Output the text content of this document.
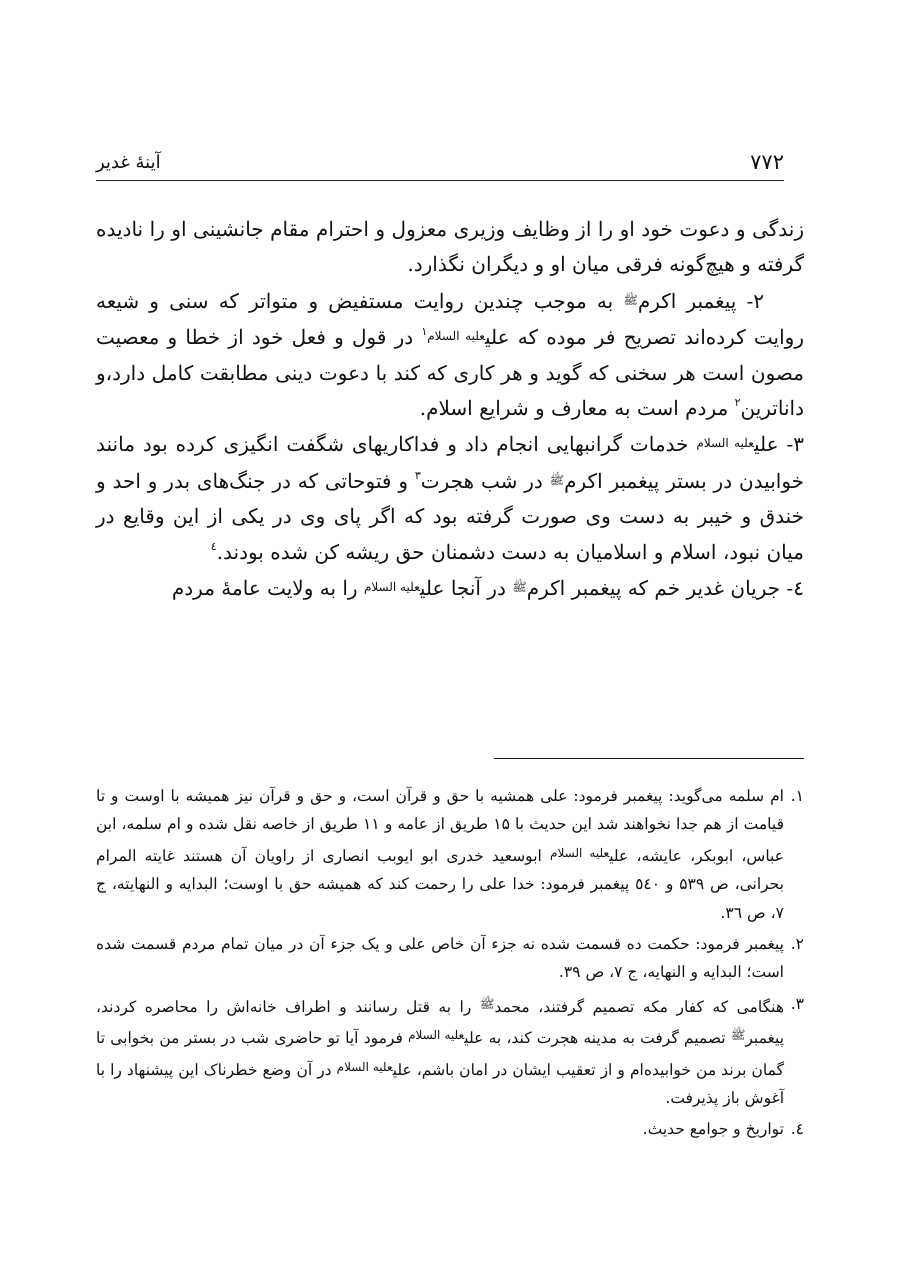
۷۷۲
آینهٔ غدیر

زندگی و دعوت خود او را از وظایف وزیری معزول و احترام مقام جانشینی او را نادیده گرفته و هیچ‌گونه فرقی میان او و دیگران نگذارد.

۲- پیغمبر اکرم$^ﷺ$ به موجب چندین روایت مستفیض و متواتر که سنی و شیعه روایت کرده‌اند تصریح فر موده که علی$^{علیه السلام۱}$ در قول و فعل خود از خطا و معصیت مصون است هر سخنی که گوید و هر کاری که کند با دعوت دینی مطابقت کامل دارد،و داناترین$^۲$ مردم است به معارف و شرایع اسلام.

۳- علی$^{علیه السلام}$ خدمات گرانبهایی انجام داد و فداکاریهای شگفت انگیزی کرده بود مانند خوابیدن در بستر پیغمبر اکرم$^ﷺ$ در شب هجرت$^۳$ و فتوحاتی که در جنگ‌های بدر و احد و خندق و خیبر به دست وی صورت گرفته بود که اگر پای وی در یکی از این وقایع در میان نبود، اسلام و اسلامیان به دست دشمنان حق ریشه کن شده بودند.$^٤$

٤- جریان غدیر خم که پیغمبر اکرم$^ﷺ$ در آنجا علی$^{علیه السلام}$ را به ولایت عامهٔ مردم

۱.
ام سلمه می‌گوید: پیغمبر فرمود: علی همشیه با حق و قرآن است، و حق و قرآن نیز همیشه با اوست و تا قیامت از هم جدا نخواهند شد این حدیث با ۱۵ طریق از عامه و ۱۱ طریق از خاصه نقل شده و ام سلمه، ابن عباس، ابوبکر، عایشه، علی$^{علیه السلام}$ ابوسعید خدری ابو ایوبب انصاری از راویان آن هستند غایته المرام بحرانی، ص ۵۳۹ و ٥٤٠ پیغمبر فرمود: خدا علی را رحمت کند که همیشه حق با اوست؛ البدایه و النهایته، ج ۷، ص ۳٦.
۲.
پیغمبر فرمود: حکمت ده قسمت شده نه جزء آن خاص علی و یک جزء آن در میان تمام مردم قسمت شده است؛ البدایه و النهایه، ج ۷، ص ۳۹.
۳.
هنگامی که کفار مکه تصمیم گرفتند، محمد$^ﷺ$ را به قتل رسانند و اطراف خانه‌اش را محاصره کردند، پیغمبر$^ﷺ$ تصمیم گرفت به مدینه هجرت کند، به علی$^{علیه السلام}$ فرمود آیا تو حاضری شب در بستر من بخوابی تا گمان برند من خوابیده‌ام و از تعقیب ایشان در امان باشم، علی$^{علیه السلام}$ در آن وضع خطرناک این پیشنهاد را با آغوش باز پذیرفت.
٤.
تواریخ و جوامع حدیث.
